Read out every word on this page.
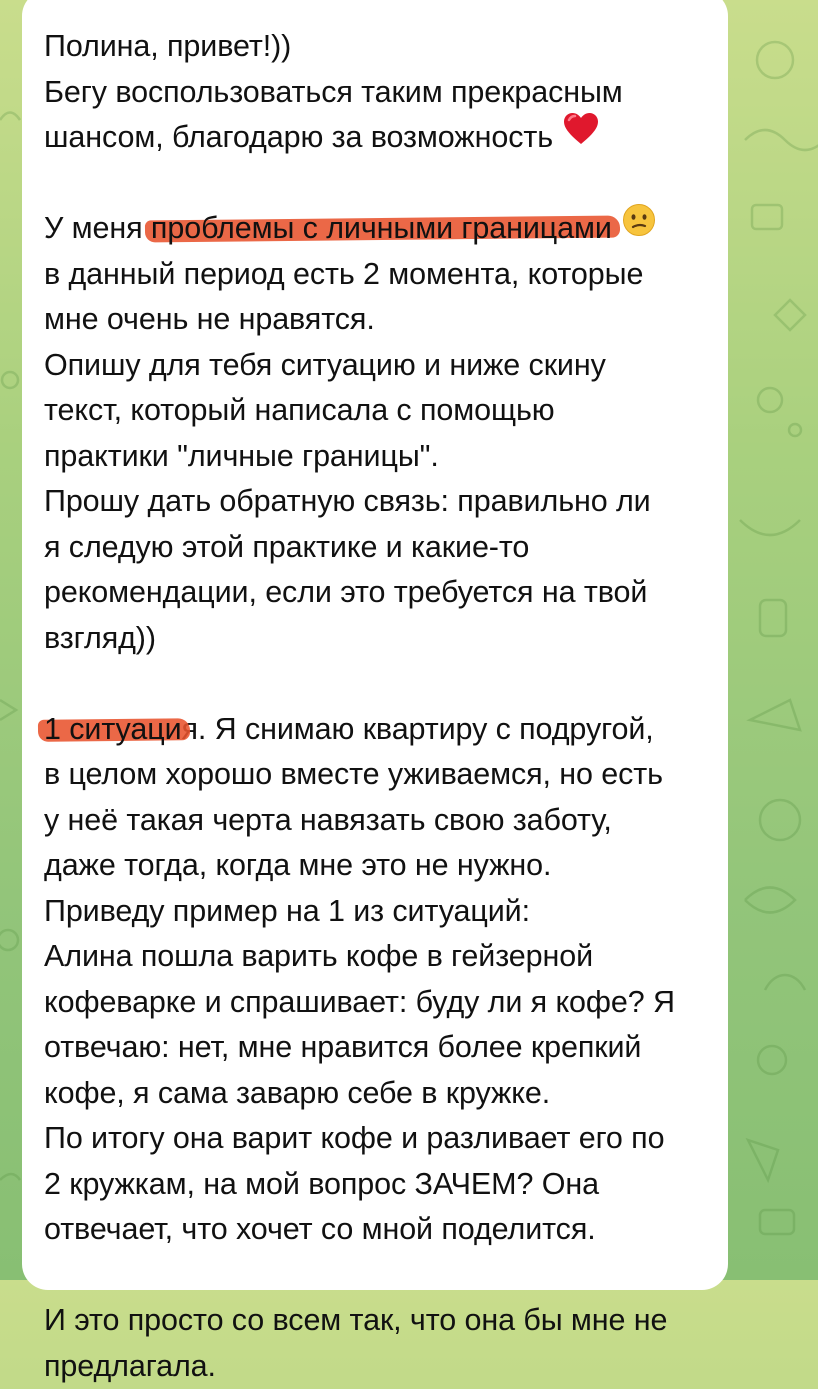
Полина, привет!))
Бегу воспользоваться таким прекрасным
шансом, благодарю за возможность
У меня проблемы с личными границами
в данный период есть 2 момента, которые
мне очень не нравятся.
Опишу для тебя ситуацию и ниже скину
текст, который написала с помощью
практики "личные границы".
Прошу дать обратную связь: правильно ли
я следую этой практике и какие-то
рекомендации, если это требуется на твой
взгляд))
1 ситуация. Я снимаю квартиру с подругой,
в целом хорошо вместе уживаемся, но есть
у неё такая черта навязать свою заботу,
даже тогда, когда мне это не нужно.
Приведу пример на 1 из ситуаций:
Алина пошла варить кофе в гейзерной
кофеварке и спрашивает: буду ли я кофе? Я
отвечаю: нет, мне нравится более крепкий
кофе, я сама заварю себе в кружке.
По итогу она варит кофе и разливает его по
2 кружкам, на мой вопрос ЗАЧЕМ? Она
отвечает, что хочет со мной поделится.
И это просто со всем так, что она бы мне не
предлагала.
